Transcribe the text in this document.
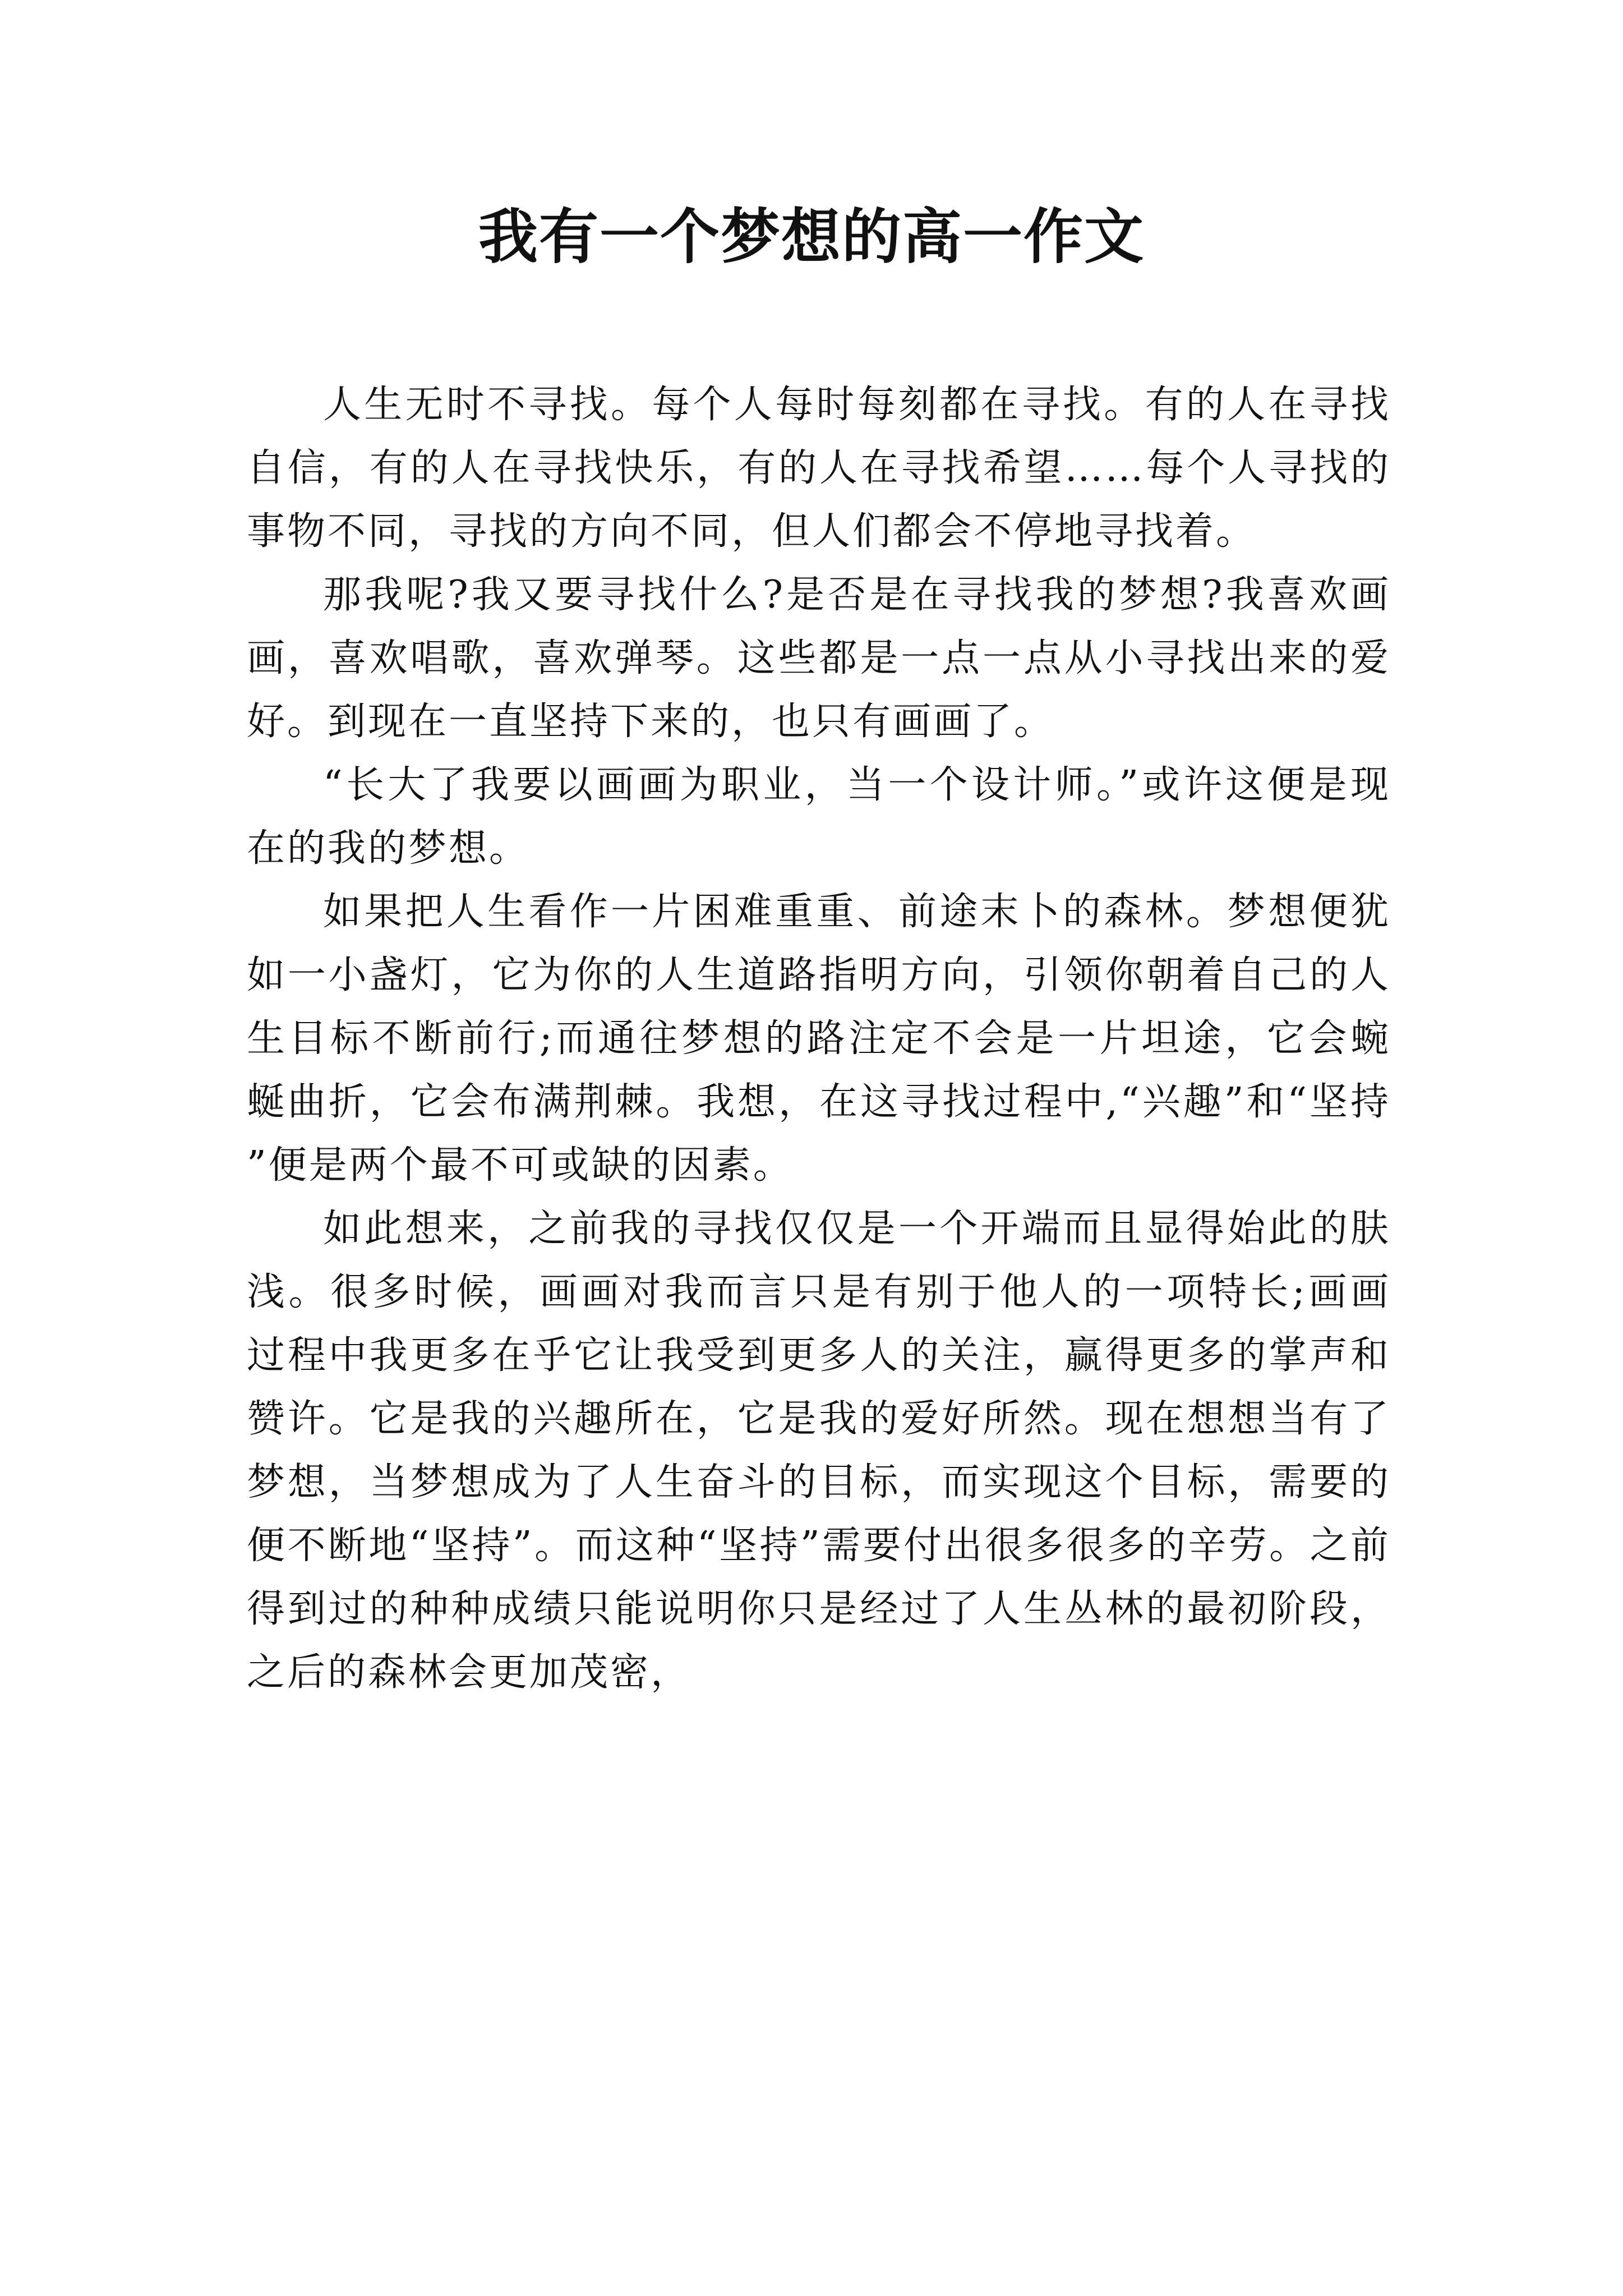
我有一个梦想的高一作文

人生无时不寻找。每个人每时每刻都在寻找。有的人在寻找自信，有的人在寻找快乐，有的人在寻找希望……每个人寻找的事物不同，寻找的方向不同，但人们都会不停地寻找着。

那我呢?我又要寻找什么?是否是在寻找我的梦想?我喜欢画画，喜欢唱歌，喜欢弹琴。这些都是一点一点从小寻找出来的爱好。到现在一直坚持下来的，也只有画画了。

“长大了我要以画画为职业，当一个设计师。”或许这便是现在的我的梦想。

如果把人生看作一片困难重重、前途末卜的森林。梦想便犹如一小盏灯，它为你的人生道路指明方向，引领你朝着自己的人生目标不断前行;而通往梦想的路注定不会是一片坦途，它会蜿蜒曲折，它会布满荆棘。我想，在这寻找过程中,“兴趣”和“坚持”便是两个最不可或缺的因素。

如此想来，之前我的寻找仅仅是一个开端而且显得始此的肤浅。很多时候，画画对我而言只是有别于他人的一项特长;画画过程中我更多在乎它让我受到更多人的关注，赢得更多的掌声和赞许。它是我的兴趣所在，它是我的爱好所然。现在想想当有了梦想，当梦想成为了人生奋斗的目标，而实现这个目标，需要的便不断地“坚持”。而这种“坚持”需要付出很多很多的辛劳。之前得到过的种种成绩只能说明你只是经过了人生丛林的最初阶段，之后的森林会更加茂密，
